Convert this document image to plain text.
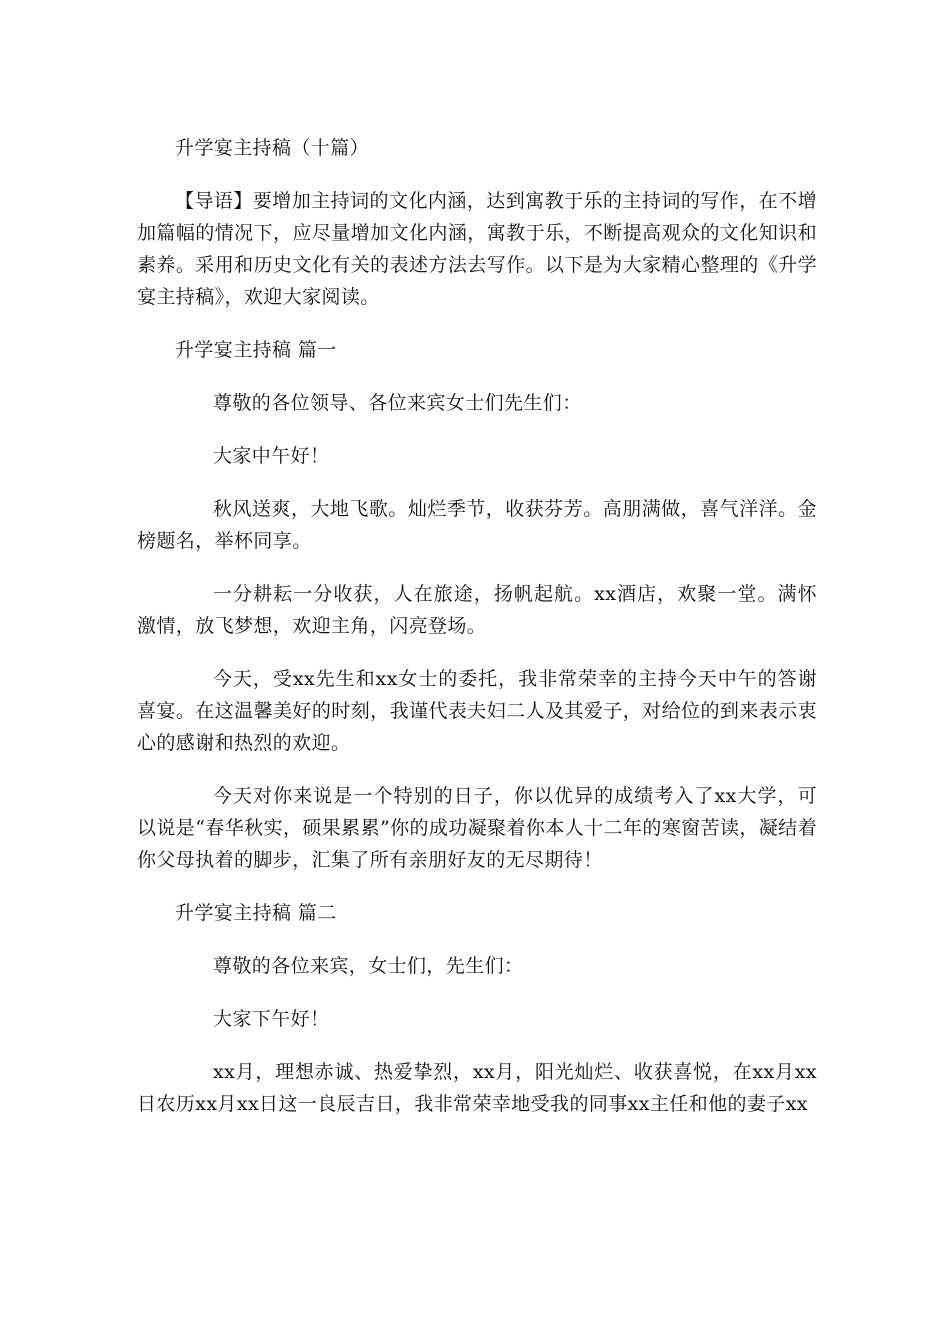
升学宴主持稿（十篇）
【导语】要增加主持词的文化内涵，达到寓教于乐的主持词的写作，在不增加篇幅的情况下，应尽量增加文化内涵，寓教于乐，不断提高观众的文化知识和素养。采用和历史文化有关的表述方法去写作。以下是为大家精心整理的《升学宴主持稿》，欢迎大家阅读。
升学宴主持稿 篇一
尊敬的各位领导、各位来宾女士们先生们：
大家中午好！
秋风送爽，大地飞歌。灿烂季节，收获芬芳。高朋满做，喜气洋洋。金榜题名，举杯同享。
一分耕耘一分收获，人在旅途，扬帆起航。xx酒店，欢聚一堂。满怀激情，放飞梦想，欢迎主角，闪亮登场。
今天，受xx先生和xx女士的委托，我非常荣幸的主持今天中午的答谢喜宴。在这温馨美好的时刻，我谨代表夫妇二人及其爱子，对给位的到来表示衷心的感谢和热烈的欢迎。
今天对你来说是一个特别的日子，你以优异的成绩考入了xx大学，可以说是“春华秋实，硕果累累”你的成功凝聚着你本人十二年的寒窗苦读，凝结着你父母执着的脚步，汇集了所有亲朋好友的无尽期待！
升学宴主持稿 篇二
尊敬的各位来宾，女士们，先生们：
大家下午好！
xx月，理想赤诚、热爱挚烈，xx月，阳光灿烂、收获喜悦，在xx月xx日农历xx月xx日这一良辰吉日，我非常荣幸地受我的同事xx主任和他的妻子xx
